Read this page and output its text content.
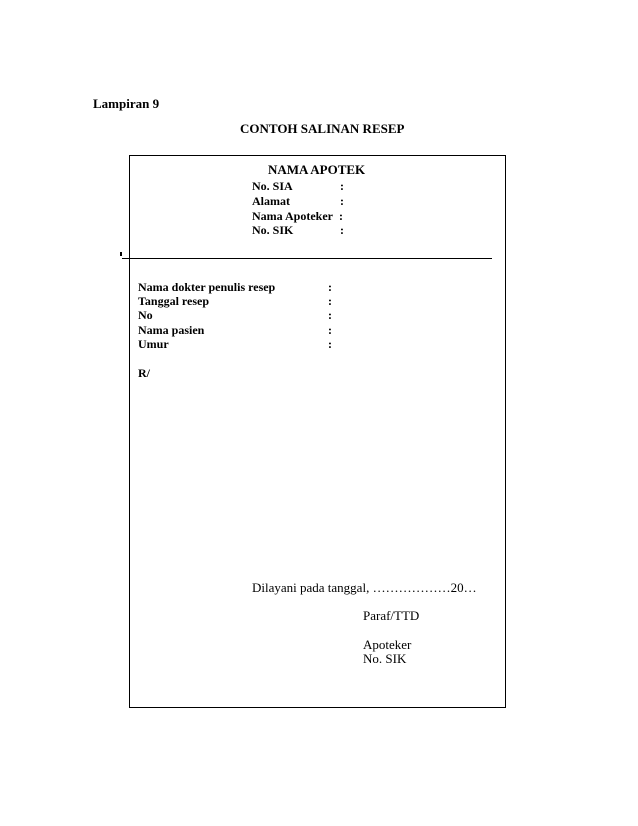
Lampiran 9
CONTOH SALINAN RESEP
NAMA APOTEK
No. SIA	:
Alamat	:
Nama Apoteker :
No. SIK	:
Nama dokter penulis resep	:
Tanggal resep	:
No	:
Nama pasien	:
Umur	:
R/
Dilayani pada tanggal, ………………20…
Paraf/TTD
Apoteker
No. SIK
